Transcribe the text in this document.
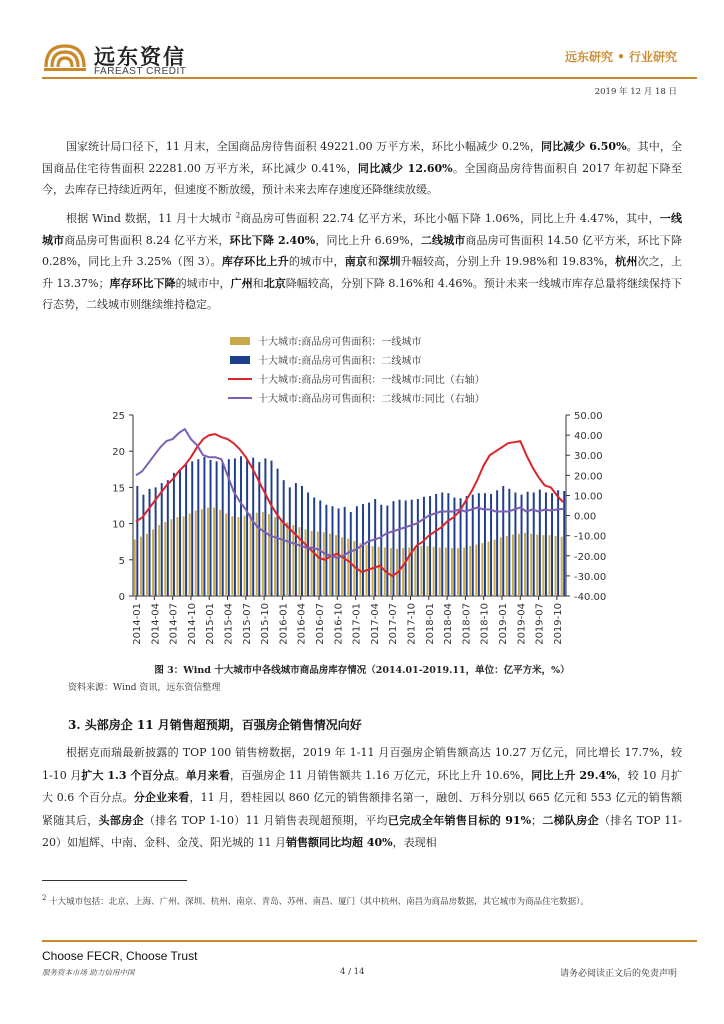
远东资信
FAREAST CREDIT
远东研究 • 行业研究
2019 年 12 月 18 日
国家统计局口径下，11 月末，全国商品房待售面积 49221.00 万平方米，环比小幅减少 0.2%，同比减少 6.50%。其中，全国商品住宅待售面积 22281.00 万平方米，环比减少 0.41%，同比减少 12.60%。全国商品房待售面积自 2017 年初起下降至今，去库存已持续近两年，但速度不断放缓，预计未来去库存速度还降继续放缓。
根据 Wind 数据，11 月十大城市 $^2$商品房可售面积 22.74 亿平方米，环比小幅下降 1.06%，同比上升 4.47%，其中，一线城市商品房可售面积 8.24 亿平方米，环比下降 2.40%，同比上升 6.69%，二线城市商品房可售面积 14.50 亿平方米，环比下降 0.28%，同比上升 3.25%（图 3）。库存环比上升的城市中，南京和深圳升幅较高，分别上升 19.98%和 19.83%，杭州次之，上升 13.37%；库存环比下降的城市中，广州和北京降幅较高，分别下降 8.16%和 4.46%。预计未来一线城市库存总量将继续保持下行态势，二线城市则继续维持稳定。
十大城市:商品房可售面积：一线城市
十大城市:商品房可售面积：二线城市
十大城市:商品房可售面积：一线城市:同比（右轴）
十大城市:商品房可售面积：二线城市:同比（右轴）
0
5
10
15
20
25
-40.00
-30.00
-20.00
-10.00
0.00
10.00
20.00
30.00
40.00
50.00
2014-01 2014-04 2014-07 2014-10 2015-01 2015-04 2015-07 2015-10 2016-01 2016-04 2016-07 2016-10 2017-01 2017-04 2017-07 2017-10 2018-01 2018-04 2018-07 2018-10 2019-01 2019-04 2019-07 2019-10
图 3：Wind 十大城市中各线城市商品房库存情况（2014.01-2019.11，单位：亿平方米，%）
资料来源：Wind 资讯，远东资信整理
3. 头部房企 11 月销售超预期，百强房企销售情况向好
根据克而瑞最新披露的 TOP 100 销售榜数据，2019 年 1-11 月百强房企销售额高达 10.27 万亿元，同比增长 17.7%，较 1-10 月扩大 1.3 个百分点。单月来看，百强房企 11 月销售额共 1.16 万亿元，环比上升 10.6%，同比上升 29.4%，较 10 月扩大 0.6 个百分点。分企业来看，11 月，碧桂园以 860 亿元的销售额排名第一，融创、万科分别以 665 亿元和 553 亿元的销售额紧随其后，头部房企（排名 TOP 1-10）11 月销售表现超预期，平均已完成全年销售目标的 91%；二梯队房企（排名 TOP 11-20）如旭辉、中南、金科、金茂、阳光城的 11 月销售额同比均超 40%，表现相
$^2$ 十大城市包括：北京、上海、广州、深圳、杭州、南京、青岛、苏州、南昌、厦门（其中杭州、南昌为商品房数据，其它城市为商品住宅数据）。
Choose FECR, Choose Trust
服务资本市场 助力信用中国	4 / 14	请务必阅读正文后的免责声明
